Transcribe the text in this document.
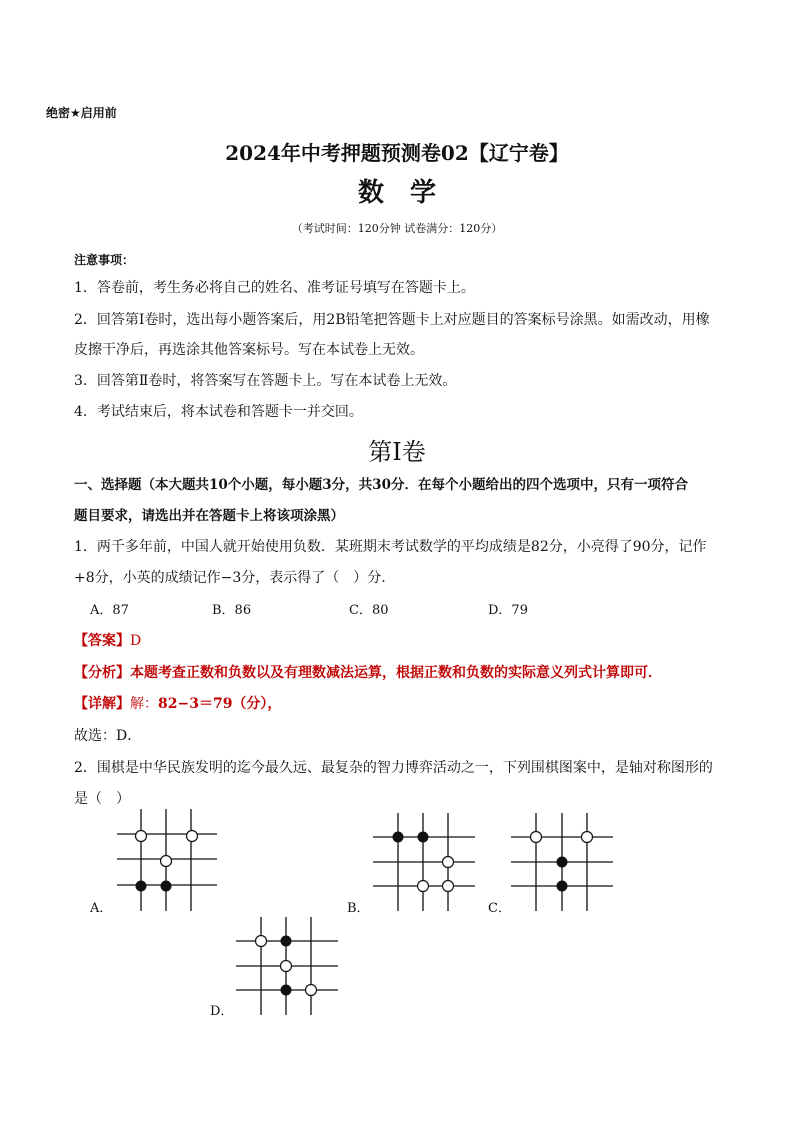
绝密★启用前
2024年中考押题预测卷02【辽宁卷】
数学
（考试时间：120分钟 试卷满分：120分）
注意事项：
1．答卷前，考生务必将自己的姓名、准考证号填写在答题卡上。
2．回答第Ⅰ卷时，选出每小题答案后，用2B铅笔把答题卡上对应题目的答案标号涂黑。如需改动，用橡
皮擦干净后，再选涂其他答案标号。写在本试卷上无效。
3．回答第Ⅱ卷时，将答案写在答题卡上。写在本试卷上无效。
4．考试结束后，将本试卷和答题卡一并交回。
第Ⅰ卷
一、选择题（本大题共10个小题，每小题3分，共30分．在每个小题给出的四个选项中，只有一项符合
题目要求，请选出并在答题卡上将该项涂黑）
1．两千多年前，中国人就开始使用负数．某班期末考试数学的平均成绩是82分，小亮得了90分，记作
+8分，小英的成绩记作−3分，表示得了（　）分.
A．87	B．86	C．80	D．79
【答案】D
【分析】本题考查正数和负数以及有理数减法运算，根据正数和负数的实际意义列式计算即可．
【详解】解：82−3＝79（分），
故选：D．
2．围棋是中华民族发明的迄今最久远、最复杂的智力博弈活动之一，下列围棋图案中，是轴对称图形的
是（　）
A．	B．	C．
D．
